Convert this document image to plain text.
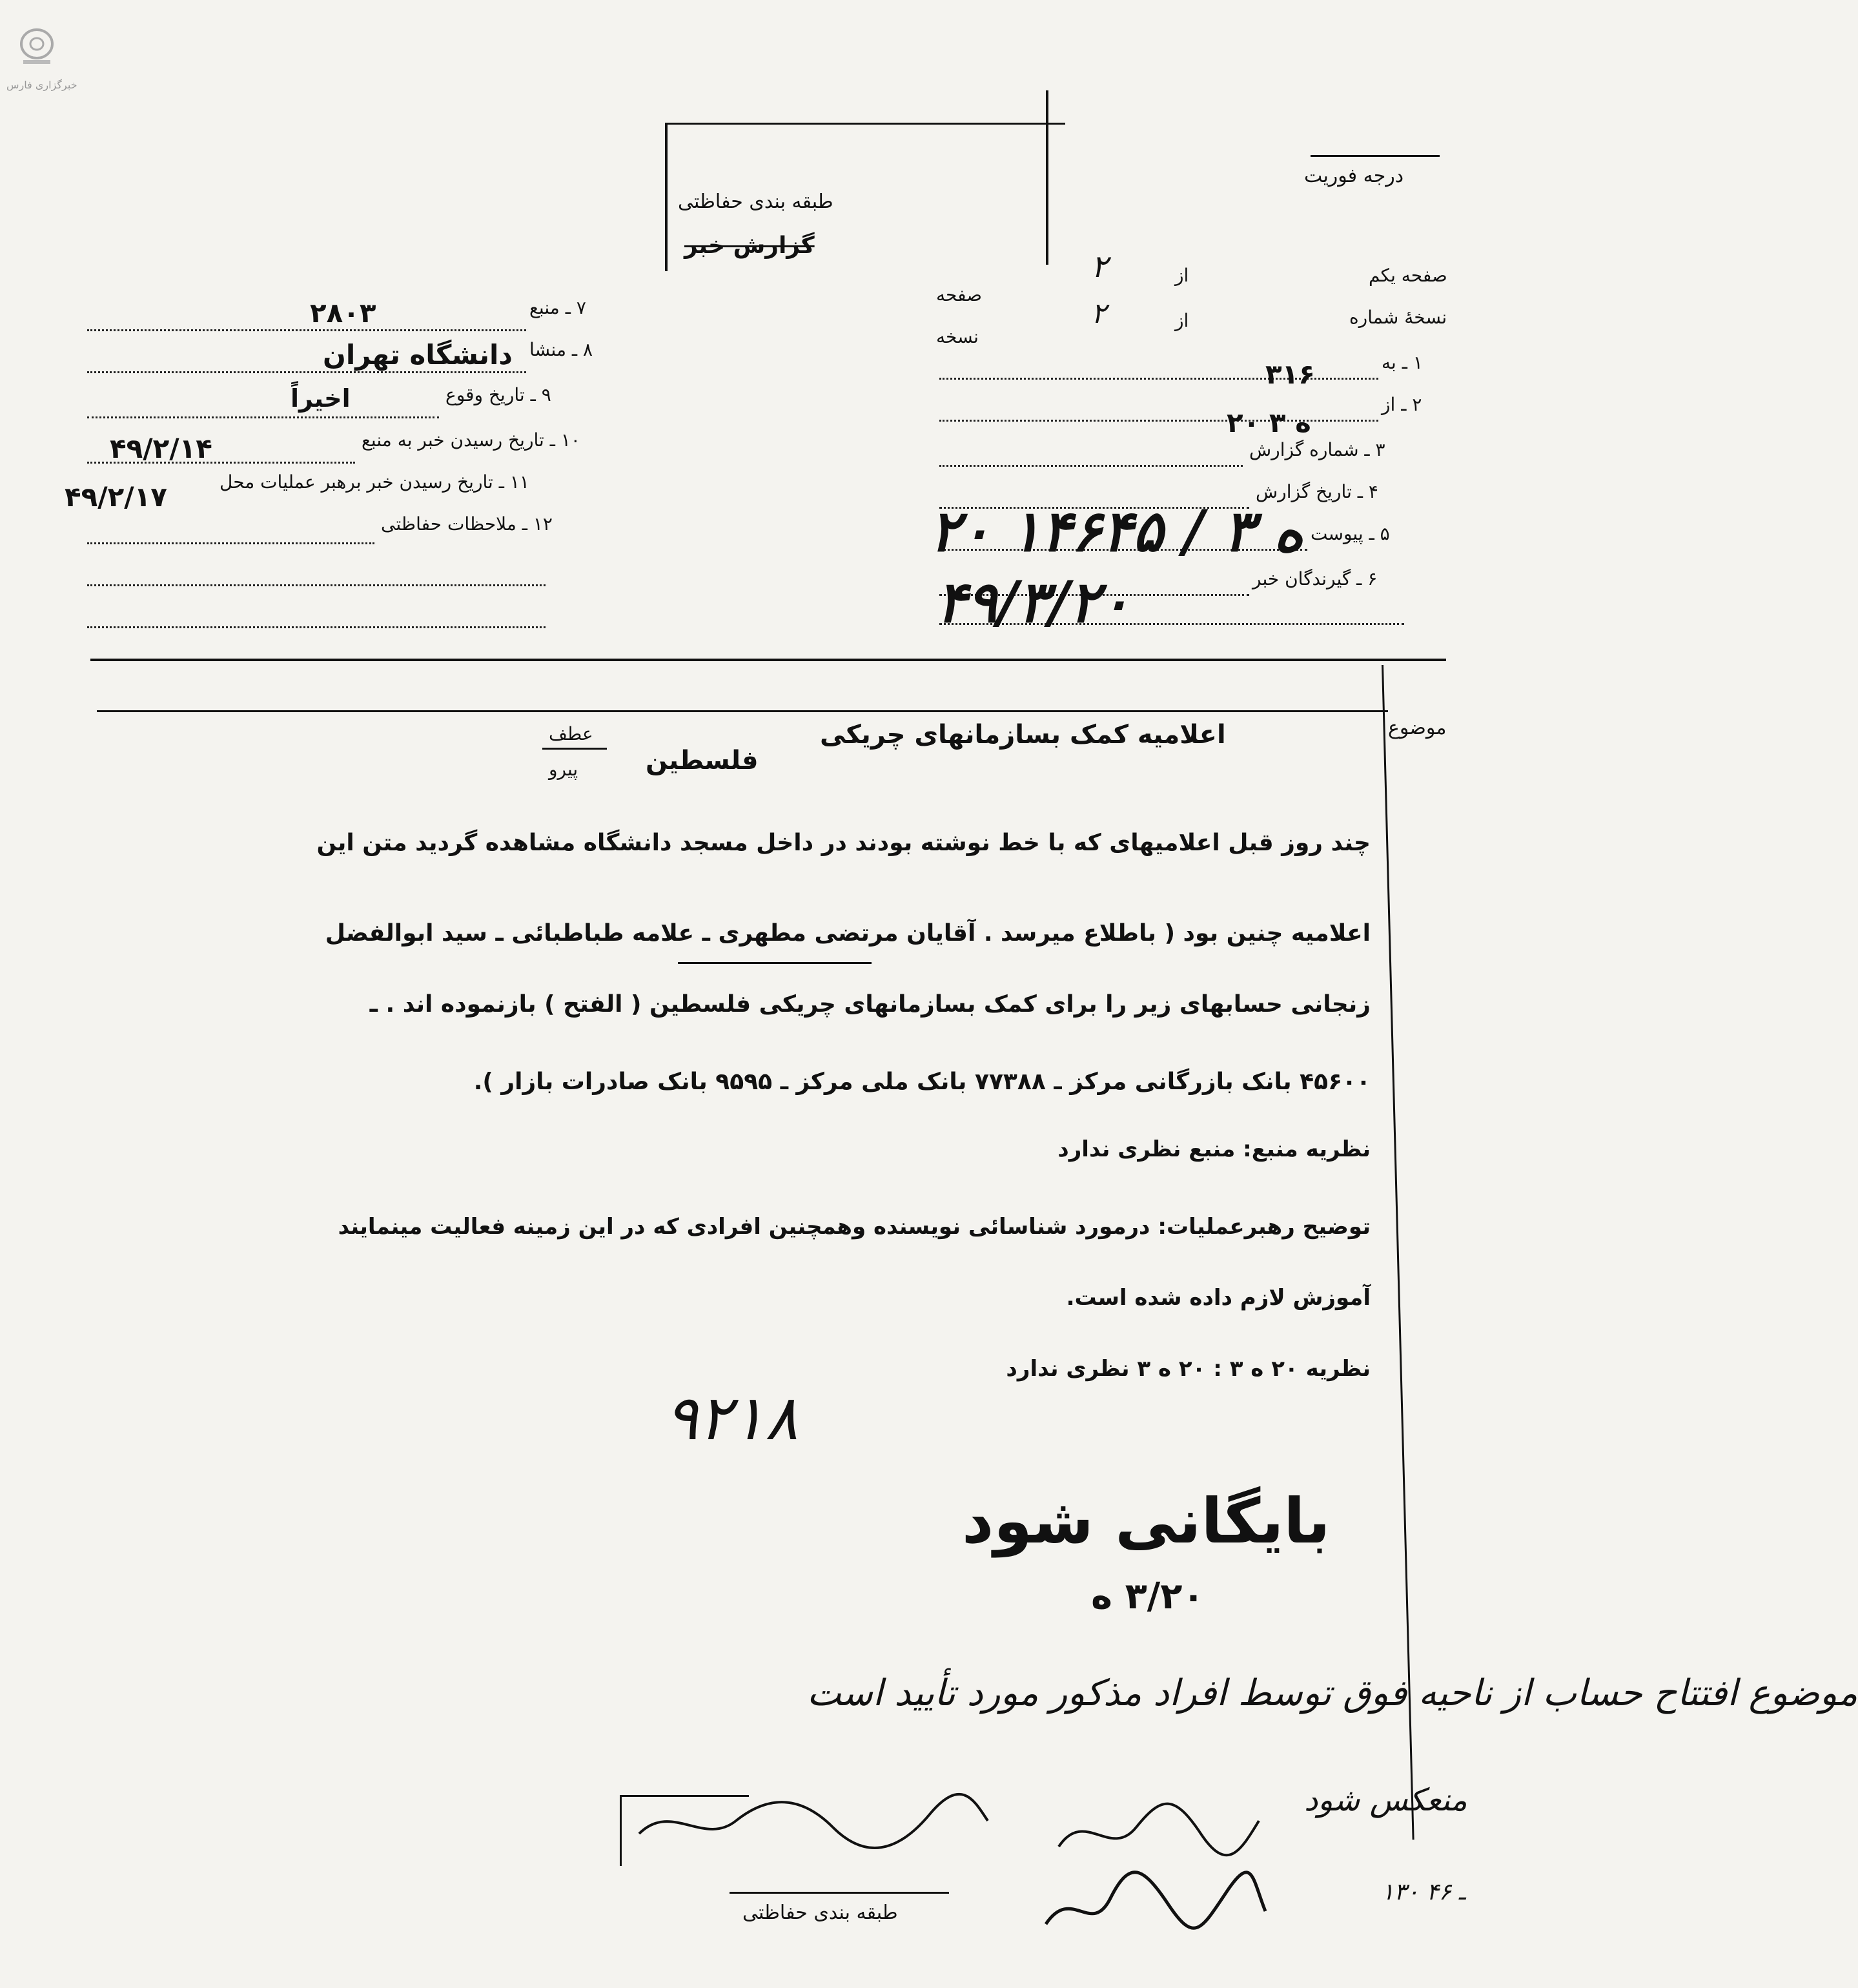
خبرگزاری فارس
درجه فوریت
طبقه بندی حفاظتی
گزارش خبر
صفحه یکم
از
صفحه
۲
نسخهٔ شماره
از
نسخه
۲
۱ ـ به
۳۱۶
۲ ـ از
۲۰ ه ۳
۳ ـ شماره گزارش
۴ ـ تاریخ گزارش
۵ ـ پیوست
۶ ـ گیرندگان خبر
۲۰ ه ۳ / ۱۴۶۴۵
۴۹/۳/۲۰
۷ ـ منبع
۲۸۰۳
۸ ـ منشا
دانشگاه تهران
۹ ـ تاریخ وقوع
اخیراً
۱۰ ـ تاریخ رسیدن خبر به منبع
۴۹/۲/۱۴
۱۱ ـ تاریخ رسیدن خبر برهبر عملیات محل
۴۹/۲/۱۷
۱۲ ـ ملاحظات حفاظتی
موضوع
اعلامیه کمک بسازمانهای چریکی
فلسطین
عطف
پیرو
چند روز قبل اعلامیهای که با خط نوشته بودند در داخل مسجد دانشگاه مشاهده گردید متن این
اعلامیه چنین بود ( باطلاع میرسد . آقایان مرتضی مطهری ـ علامه طباطبائی ـ سید ابوالفضل
زنجانی حسابهای زیر را برای کمک بسازمانهای چریکی فلسطین ( الفتح ) بازنموده اند . ـ
۴۵۶۰۰ بانک بازرگانی مرکز ـ ۷۷۳۸۸ بانک ملی مرکز ـ ۹۵۹۵ بانک صادرات بازار ).
نظریه منبع: منبع نظری ندارد
توضیح رهبرعملیات: درمورد شناسائی نویسنده وهمچنین افرادی که در این زمینه فعالیت مینمایند
آموزش لازم داده شده است.
نظریه ۲۰ ه ۳ : ۲۰ ه ۳ نظری ندارد
۹۲۱۸
بایگانی شود
۳/۲۰ ه
موضوع افتتاح حساب از ناحیه فوق توسط افراد مذکور مورد تأیید است
منعکس شود
۱۳۰ ـ ۴۶
طبقه بندی حفاظتی
